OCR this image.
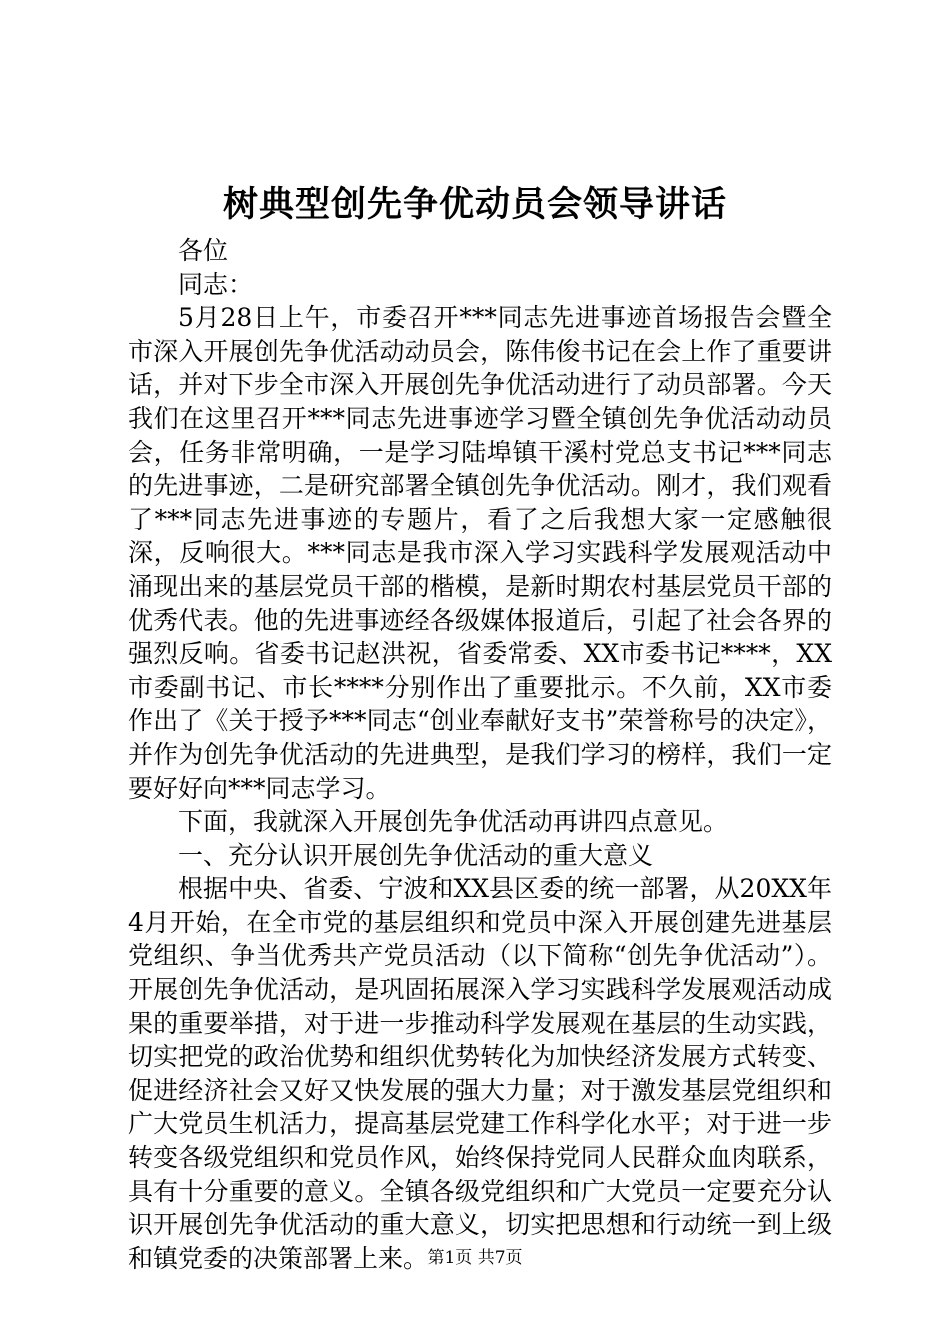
树典型创先争优动员会领导讲话

各位

同志：

5月28日上午，市委召开***同志先进事迹首场报告会暨全市深入开展创先争优活动动员会，陈伟俊书记在会上作了重要讲话，并对下步全市深入开展创先争优活动进行了动员部署。今天我们在这里召开***同志先进事迹学习暨全镇创先争优活动动员会，任务非常明确，一是学习陆埠镇干溪村党总支书记***同志的先进事迹，二是研究部署全镇创先争优活动。刚才，我们观看了***同志先进事迹的专题片，看了之后我想大家一定感触很深，反响很大。***同志是我市深入学习实践科学发展观活动中涌现出来的基层党员干部的楷模，是新时期农村基层党员干部的优秀代表。他的先进事迹经各级媒体报道后，引起了社会各界的强烈反响。省委书记赵洪祝，省委常委、XX市委书记****，XX市委副书记、市长****分别作出了重要批示。不久前，XX市委作出了《关于授予***同志“创业奉献好支书”荣誉称号的决定》，并作为创先争优活动的先进典型，是我们学习的榜样，我们一定要好好向***同志学习。

下面，我就深入开展创先争优活动再讲四点意见。

一、充分认识开展创先争优活动的重大意义

根据中央、省委、宁波和XX县区委的统一部署，从20XX年4月开始，在全市党的基层组织和党员中深入开展创建先进基层党组织、争当优秀共产党员活动（以下简称“创先争优活动”）。开展创先争优活动，是巩固拓展深入学习实践科学发展观活动成果的重要举措，对于进一步推动科学发展观在基层的生动实践，切实把党的政治优势和组织优势转化为加快经济发展方式转变、促进经济社会又好又快发展的强大力量；对于激发基层党组织和广大党员生机活力，提高基层党建工作科学化水平；对于进一步转变各级党组织和党员作风，始终保持党同人民群众血肉联系，具有十分重要的意义。全镇各级党组织和广大党员一定要充分认识开展创先争优活动的重大意义，切实把思想和行动统一到上级和镇党委的决策部署上来。 第1页 共7页
